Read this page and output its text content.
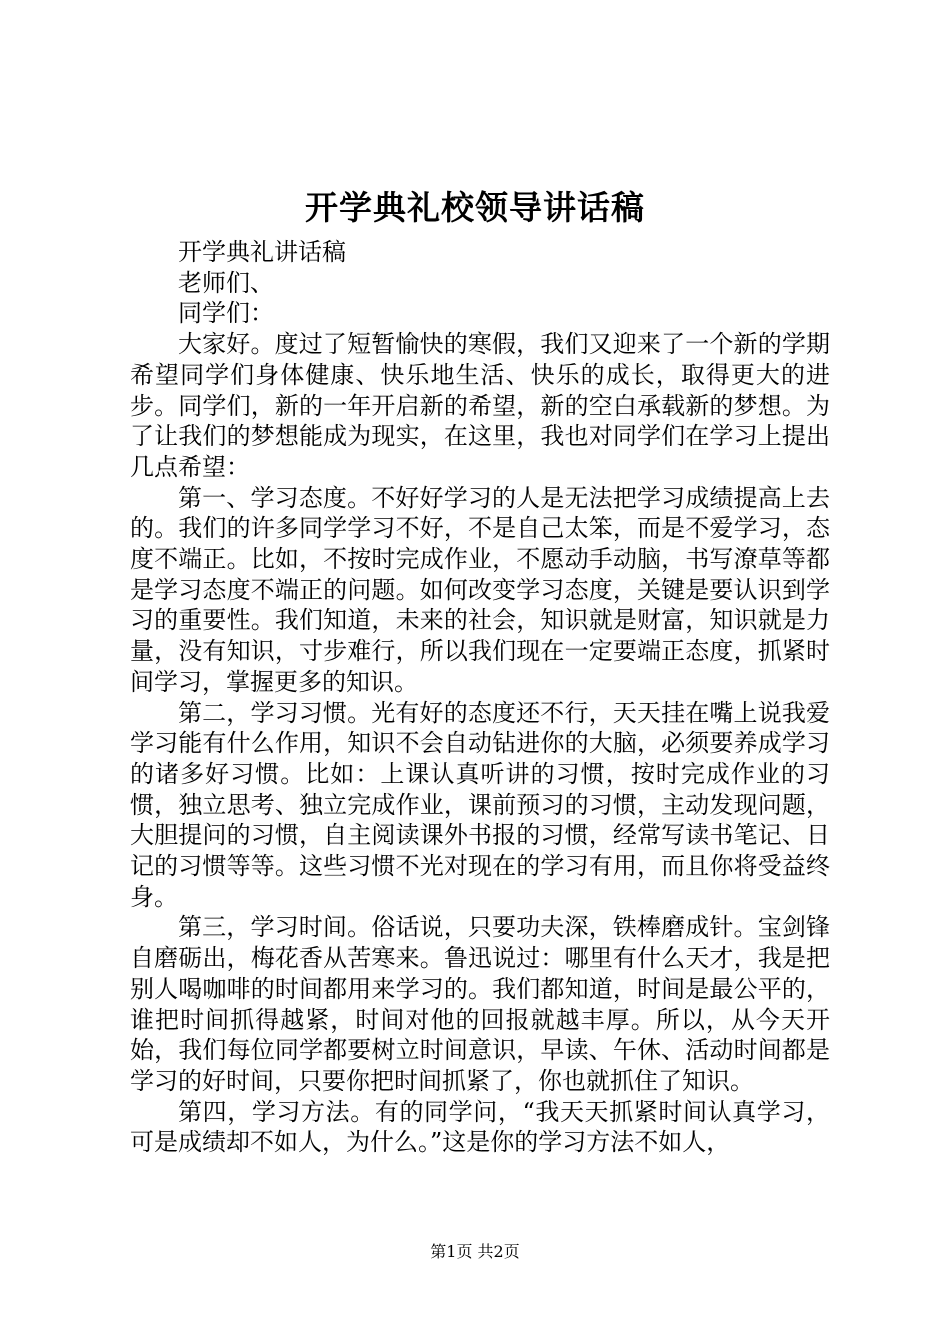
开学典礼校领导讲话稿

开学典礼讲话稿

老师们、

同学们：

大家好。度过了短暂愉快的寒假，我们又迎来了一个新的学期希望同学们身体健康、快乐地生活、快乐的成长，取得更大的进步。同学们，新的一年开启新的希望，新的空白承载新的梦想。为了让我们的梦想能成为现实，在这里，我也对同学们在学习上提出几点希望：

第一、学习态度。不好好学习的人是无法把学习成绩提高上去的。我们的许多同学学习不好，不是自己太笨，而是不爱学习，态度不端正。比如，不按时完成作业，不愿动手动脑，书写潦草等都是学习态度不端正的问题。如何改变学习态度，关键是要认识到学习的重要性。我们知道，未来的社会，知识就是财富，知识就是力量，没有知识，寸步难行，所以我们现在一定要端正态度，抓紧时间学习，掌握更多的知识。

第二，学习习惯。光有好的态度还不行，天天挂在嘴上说我爱学习能有什么作用，知识不会自动钻进你的大脑，必须要养成学习的诸多好习惯。比如：上课认真听讲的习惯，按时完成作业的习惯，独立思考、独立完成作业，课前预习的习惯，主动发现问题，大胆提问的习惯，自主阅读课外书报的习惯，经常写读书笔记、日记的习惯等等。这些习惯不光对现在的学习有用，而且你将受益终身。

第三，学习时间。俗话说，只要功夫深，铁棒磨成针。宝剑锋自磨砺出，梅花香从苦寒来。鲁迅说过：哪里有什么天才，我是把别人喝咖啡的时间都用来学习的。我们都知道，时间是最公平的，谁把时间抓得越紧，时间对他的回报就越丰厚。所以，从今天开始，我们每位同学都要树立时间意识，早读、午休、活动时间都是学习的好时间，只要你把时间抓紧了，你也就抓住了知识。

第四，学习方法。有的同学问，“我天天抓紧时间认真学习，可是成绩却不如人，为什么。”这是你的学习方法不如人，

第1页 共2页
